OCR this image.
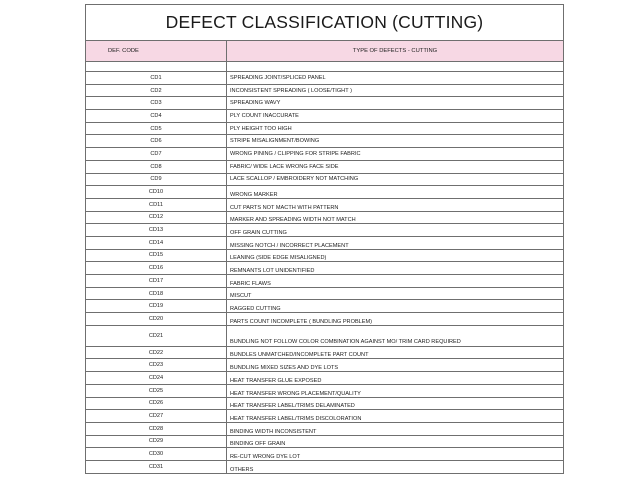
DEFECT CLASSIFICATION (CUTTING)	
DEF. CODE	TYPE OF DEFECTS - CUTTING

CD1	SPREADING JOINT/SPLICED PANEL
CD2	INCONSISTENT SPREADING ( LOOSE/TIGHT )
CD3	SPREADING WAVY
CD4	PLY COUNT INACCURATE
CD5	PLY HEIGHT TOO HIGH
CD6	STRIPE MISALIGNMENT/BOWING
CD7	WRONG PINING / CLIPPING FOR STRIPE FABRIC
CD8	FABRIC/ WIDE LACE WRONG FACE SIDE
CD9	LACE SCALLOP / EMBROIDERY NOT MATCHING
CD10	WRONG MARKER
CD11	CUT PARTS NOT MACTH WITH PATTERN
CD12	MARKER AND SPREADING WIDTH NOT MATCH
CD13	OFF GRAIN CUTTING
CD14	MISSING NOTCH / INCORRECT PLACEMENT
CD15	LEANING (SIDE EDGE MISALIGNED)
CD16	REMNANTS LOT UNIDENTIFIED
CD17	FABRIC FLAWS
CD18	MISCUT
CD19	RAGGED CUTTING
CD20	PARTS COUNT INCOMPLETE ( BUNDLING PROBLEM)
CD21	BUNDLING NOT FOLLOW COLOR COMBINATION AGAINST MO/ TRIM CARD REQUIRED
CD22	BUNDLES UNMATCHED/INCOMPLETE PART COUNT
CD23	BUNDLING MIXED SIZES AND DYE LOTS
CD24	HEAT TRANSFER GLUE EXPOSED
CD25	HEAT TRANSFER WRONG PLACEMENT/QUALITY
CD26	HEAT TRANSFER LABEL/TRIMS DELAMINATED
CD27	HEAT TRANSFER LABEL/TRIMS DISCOLORATION
CD28	BINDING WIDTH INCONSISTENT
CD29	BINDING OFF GRAIN
CD30	RE-CUT WRONG DYE LOT
CD31	OTHERS
